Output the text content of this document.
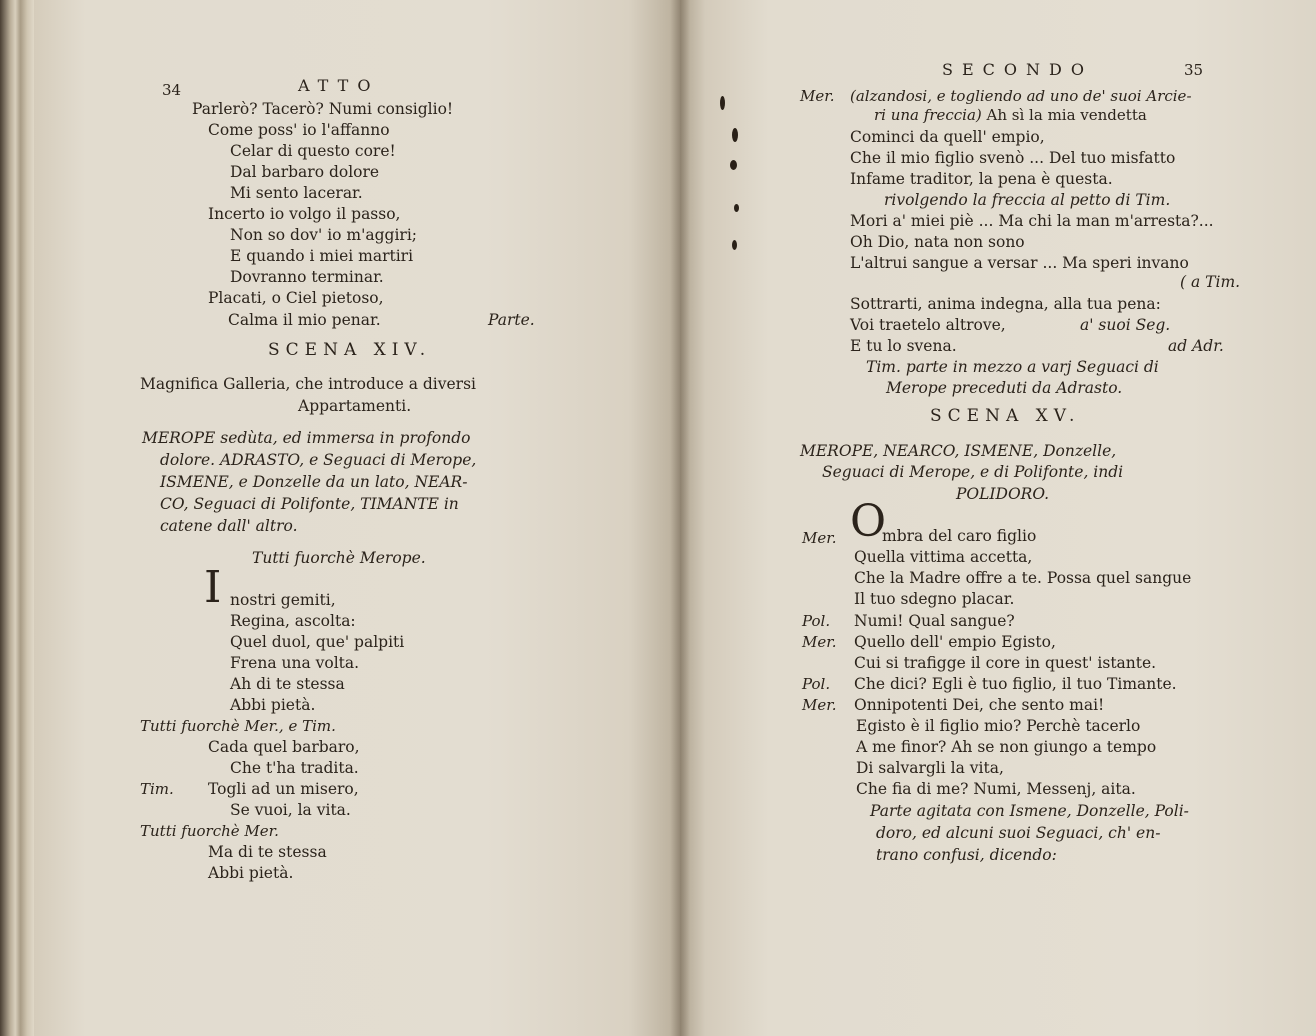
34	ATTO
Parlerò? Tacerò? Numi consiglio!
Come poss' io l'affanno
Celar di questo core!
Dal barbaro dolore
Mi sento lacerar.
Incerto io volgo il passo,
Non so dov' io m'aggiri;
E quando i miei martiri
Dovranno terminar.
Placati, o Ciel pietoso,
Calma il mio penar.	Parte.
SCENA XIV.
Magnifica Galleria, che introduce a diversi
Appartamenti.
MEROPE sedùta, ed immersa in profondo
dolore. ADRASTO, e Seguaci di Merope,
ISMENE, e Donzelle da un lato, NEAR-
CO, Seguaci di Polifonte, TIMANTE in
catene dall' altro.
Tutti fuorchè Merope.
I nostri gemiti,
Regina, ascolta:
Quel duol, que' palpiti
Frena una volta.
Ah di te stessa
Abbi pietà.
Tutti fuorchè Mer., e Tim.
Cada quel barbaro,
Che t'ha tradita.
Tim. Togli ad un misero,
Se vuoi, la vita.
Tutti fuorchè Mer.
Ma di te stessa
Abbi pietà.
SECONDO	35
Mer. (alzandosi, e togliendo ad uno de' suoi Arcie-
ri una freccia) Ah sì la mia vendetta
Cominci da quell' empio,
Che il mio figlio svenò ... Del tuo misfatto
Infame traditor, la pena è questa.
rivolgendo la freccia al petto di Tim.
Mori a' miei piè ... Ma chi la man m'arresta?...
Oh Dio, nata non sono
L'altrui sangue a versar ... Ma speri invano
( a Tim.
Sottrarti, anima indegna, alla tua pena:
Voi traetelo altrove,	a' suoi Seg.
E tu lo svena.	ad Adr.
Tim. parte in mezzo a varj Seguaci di
Merope preceduti da Adrasto.
SCENA XV.
MEROPE, NEARCO, ISMENE, Donzelle,
Seguaci di Merope, e di Polifonte, indi
POLIDORO.
Mer. O
mbra del caro figlio
Quella vittima accetta,
Che la Madre offre a te. Possa quel sangue
Il tuo sdegno placar.
Pol. Numi! Qual sangue?
Mer. Quello dell' empio Egisto,
Cui si trafigge il core in quest' istante.
Pol. Che dici? Egli è tuo figlio, il tuo Timante.
Mer. Onnipotenti Dei, che sento mai!
Egisto è il figlio mio? Perchè tacerlo
A me finor? Ah se non giungo a tempo
Di salvargli la vita,
Che fia di me? Numi, Messenj, aita.
Parte agitata con Ismene, Donzelle, Poli-
doro, ed alcuni suoi Seguaci, ch' en-
trano confusi, dicendo:
